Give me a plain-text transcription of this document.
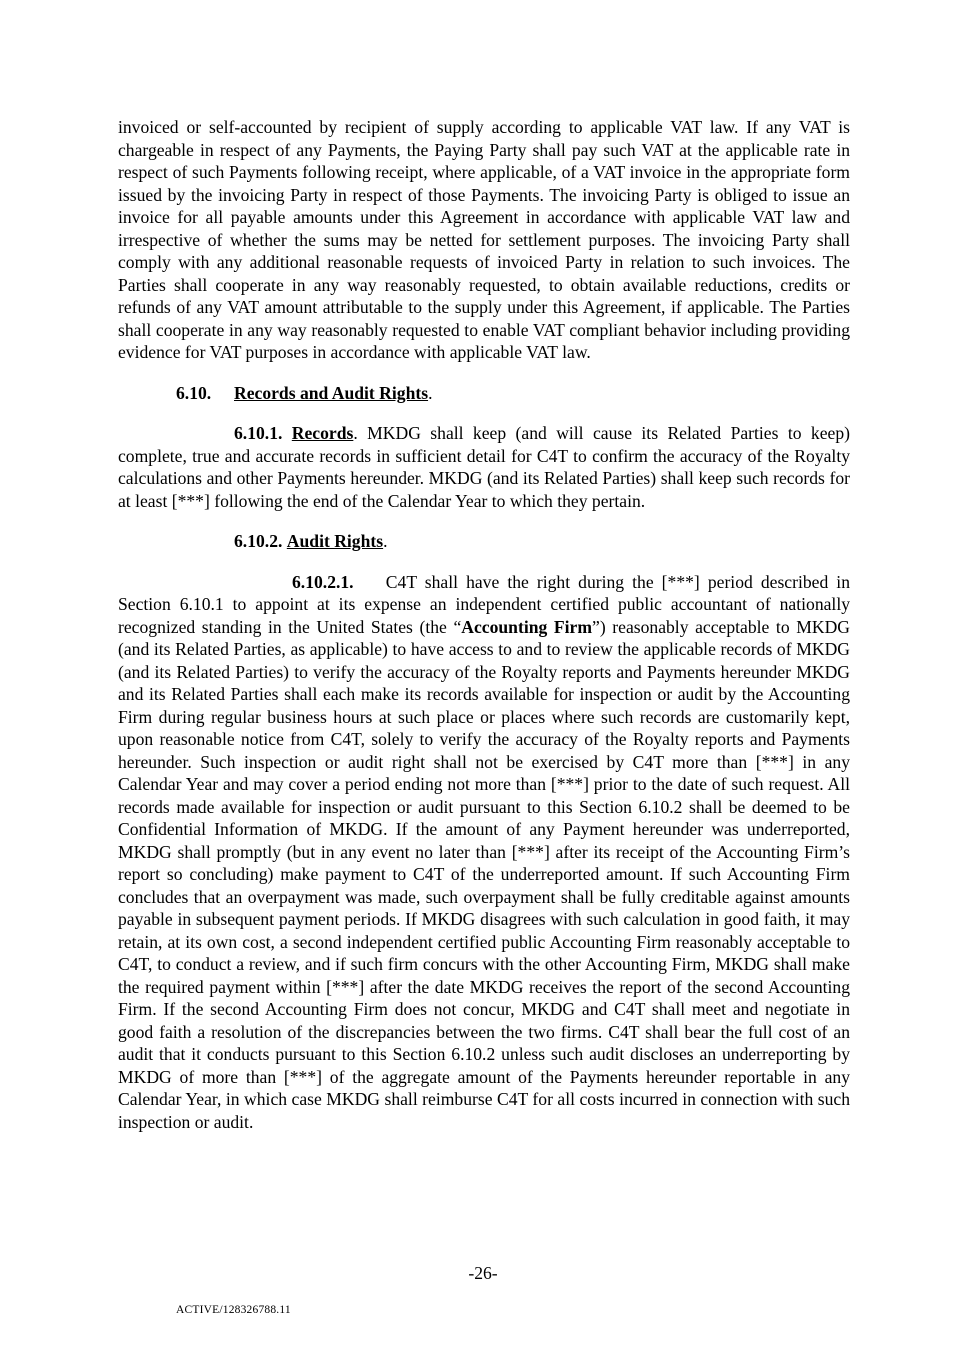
invoiced or self-accounted by recipient of supply according to applicable VAT law. If any VAT is chargeable in respect of any Payments, the Paying Party shall pay such VAT at the applicable rate in respect of such Payments following receipt, where applicable, of a VAT invoice in the appropriate form issued by the invoicing Party in respect of those Payments. The invoicing Party is obliged to issue an invoice for all payable amounts under this Agreement in accordance with applicable VAT law and irrespective of whether the sums may be netted for settlement purposes. The invoicing Party shall comply with any additional reasonable requests of invoiced Party in relation to such invoices. The Parties shall cooperate in any way reasonably requested, to obtain available reductions, credits or refunds of any VAT amount attributable to the supply under this Agreement, if applicable. The Parties shall cooperate in any way reasonably requested to enable VAT compliant behavior including providing evidence for VAT purposes in accordance with applicable VAT law.

6.10. Records and Audit Rights.

6.10.1. Records. MKDG shall keep (and will cause its Related Parties to keep) complete, true and accurate records in sufficient detail for C4T to confirm the accuracy of the Royalty calculations and other Payments hereunder. MKDG (and its Related Parties) shall keep such records for at least [***] following the end of the Calendar Year to which they pertain.

6.10.2. Audit Rights.

6.10.2.1. C4T shall have the right during the [***] period described in Section 6.10.1 to appoint at its expense an independent certified public accountant of nationally recognized standing in the United States (the “Accounting Firm”) reasonably acceptable to MKDG (and its Related Parties, as applicable) to have access to and to review the applicable records of MKDG (and its Related Parties) to verify the accuracy of the Royalty reports and Payments hereunder MKDG and its Related Parties shall each make its records available for inspection or audit by the Accounting Firm during regular business hours at such place or places where such records are customarily kept, upon reasonable notice from C4T, solely to verify the accuracy of the Royalty reports and Payments hereunder. Such inspection or audit right shall not be exercised by C4T more than [***] in any Calendar Year and may cover a period ending not more than [***] prior to the date of such request. All records made available for inspection or audit pursuant to this Section 6.10.2 shall be deemed to be Confidential Information of MKDG. If the amount of any Payment hereunder was underreported, MKDG shall promptly (but in any event no later than [***] after its receipt of the Accounting Firm’s report so concluding) make payment to C4T of the underreported amount. If such Accounting Firm concludes that an overpayment was made, such overpayment shall be fully creditable against amounts payable in subsequent payment periods. If MKDG disagrees with such calculation in good faith, it may retain, at its own cost, a second independent certified public Accounting Firm reasonably acceptable to C4T, to conduct a review, and if such firm concurs with the other Accounting Firm, MKDG shall make the required payment within [***] after the date MKDG receives the report of the second Accounting Firm. If the second Accounting Firm does not concur, MKDG and C4T shall meet and negotiate in good faith a resolution of the discrepancies between the two firms. C4T shall bear the full cost of an audit that it conducts pursuant to this Section 6.10.2 unless such audit discloses an underreporting by MKDG of more than [***] of the aggregate amount of the Payments hereunder reportable in any Calendar Year, in which case MKDG shall reimburse C4T for all costs incurred in connection with such inspection or audit.

-26-
ACTIVE/128326788.11
